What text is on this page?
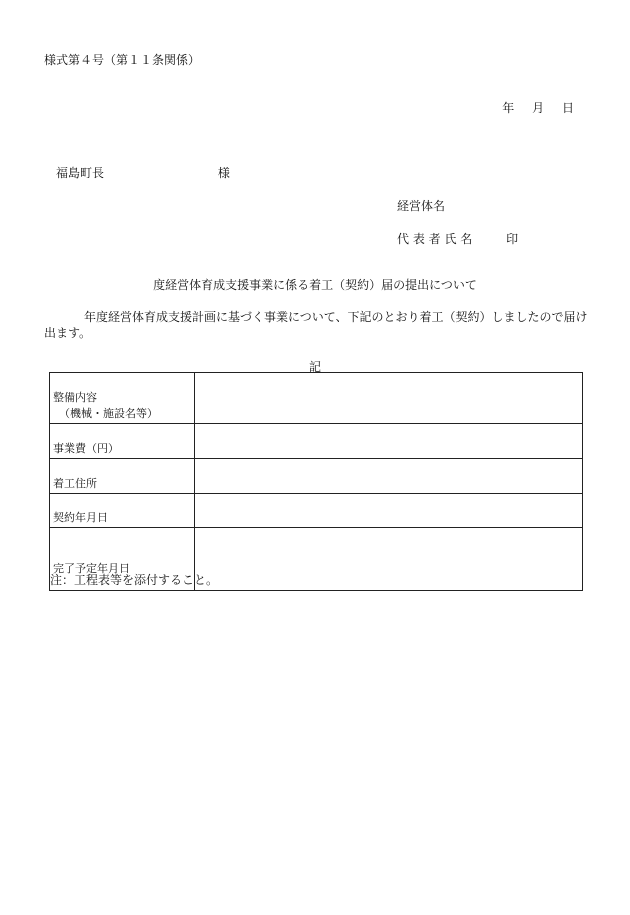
様式第４号（第１１条関係）
年 月 日
福島町長	様
経営体名
代 表 者 氏 名	印
度経営体育成支援事業に係る着工（契約）届の提出について
年度経営体育成支援計画に基づく事業について、下記のとおり着工（契約）しましたので届け出ます。
記
整備内容
（機械・施設名等）	

事業費（円）	
着工住所	
契約年月日	
完了予定年月日	
注：工程表等を添付すること。
